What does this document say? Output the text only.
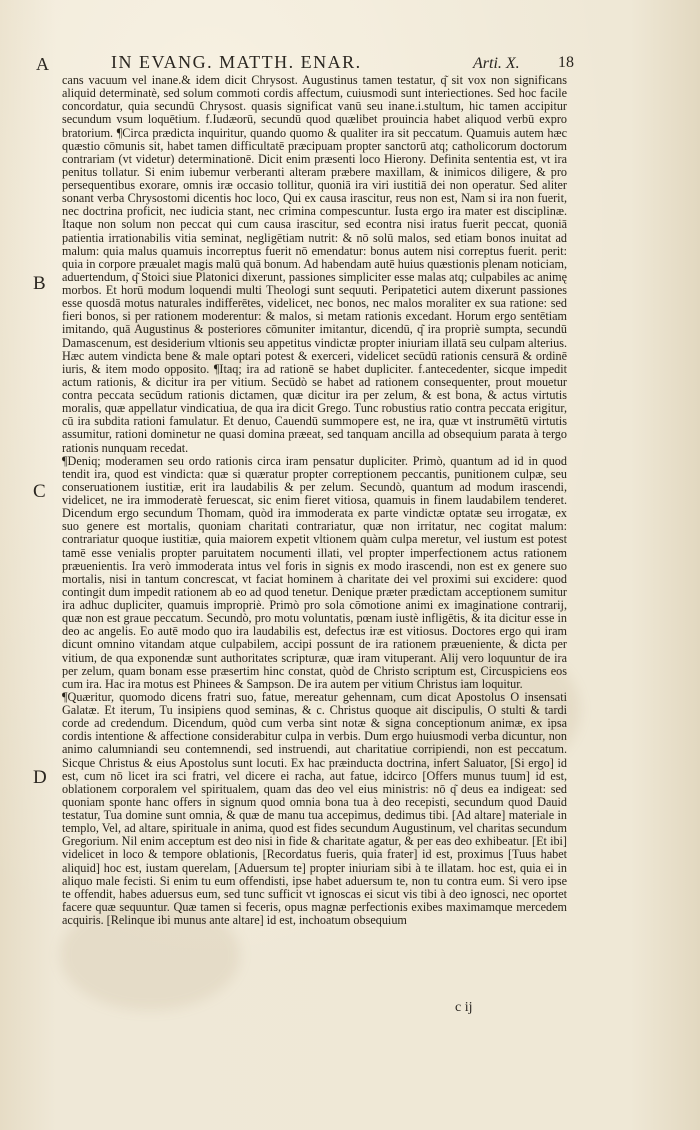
A	IN EVANG. MATTH. ENAR.	Arti. X. 18
B
C
D

cans vacuum vel inane.& idem dicit Chrysost. Augustinus tamen testatur, q͂ sit vox non significans aliquid determinatè, sed solum commoti cordis affectum, cuiusmodi sunt interiectiones. Sed hoc facile concordatur, quia secundū Chrysost. quasis significat vanū seu inane.i.stultum, hic tamen accipitur secundum vsum loquētium. f.Iudæorū, secundū quod quælibet prouincia habet aliquod verbū expro bratorium. ¶Circa prædicta inquiritur, quando quomo & qualiter ira sit peccatum. Quamuis autem hæc quæstio cōmunis sit, habet tamen difficultatē præcipuam propter sanctorū atq; catholicorum doctorum contrariam (vt videtur) determinationē. Dicit enim præsenti loco Hierony. Definita sententia est, vt ira penitus tollatur. Si enim iubemur verberanti alteram præbere maxillam, & inimicos diligere, & pro persequentibus exorare, omnis iræ occasio tollitur, quoniā ira viri iustitiā dei non operatur. Sed aliter sonant verba Chrysostomi dicentis hoc loco, Qui ex causa irascitur, reus non est, Nam si ira non fuerit, nec doctrina proficit, nec iudicia stant, nec crimina compescuntur. Iusta ergo ira mater est disciplinæ. Itaque non solum non peccat qui cum causa irascitur, sed econtra nisi iratus fuerit peccat, quoniā patientia irrationabilis vitia seminat, negligētiam nutrit: & nō solū malos, sed etiam bonos inuitat ad malum: quia malus quamuis incorreptus fuerit nō emendatur: bonus autem nisi correptus fuerit. perit: quia in corpore præualet magis malū quā bonum. Ad habendam autē huius quæstionis plenam noticiam, aduertendum, q͂ Stoici siue Platonici dixerunt, passiones simpliciter esse malas atq; culpabiles ac animę morbos. Et horū modum loquendi multi Theologi sunt sequuti. Peripatetici autem dixerunt passiones esse quosdā motus naturales indifferētes, videlicet, nec bonos, nec malos moraliter ex sua ratione: sed fieri bonos, si per rationem moderentur: & malos, si metam rationis excedant. Horum ergo sentētiam imitando, quā Augustinus & posteriores cōmuniter imitantur, dicendū, q͂ ira propriè sumpta, secundū Damascenum, est desiderium vltionis seu appetitus vindictæ propter iniuriam illatā seu culpam alterius. Hæc autem vindicta bene & male optari potest & exerceri, videlicet secūdū rationis censurā & ordinē iuris, & item modo opposito. ¶Itaq; ira ad rationē se habet dupliciter. f.antecedenter, sicque impedit actum rationis, & dicitur ira per vitium. Secūdò se habet ad rationem consequenter, prout mouetur contra peccata secūdum rationis dictamen, quæ dicitur ira per zelum, & est bona, & actus virtutis moralis, quæ appellatur vindicatiua, de qua ira dicit Grego. Tunc robustius ratio contra peccata erigitur, cū ira subdita rationi famulatur. Et denuo, Cauendū summopere est, ne ira, quæ vt instrumētū virtutis assumitur, rationi dominetur ne quasi domina præeat, sed tanquam ancilla ad obsequium parata à tergo rationis nunquam recedat.

¶Deniq; moderamen seu ordo rationis circa iram pensatur dupliciter. Primò, quantum ad id in quod tendit ira, quod est vindicta: quæ si quæratur propter correptionem peccantis, punitionem culpæ, seu conseruationem iustitiæ, erit ira laudabilis & per zelum. Secundò, quantum ad modum irascendi, videlicet, ne ira immoderatè feruescat, sic enim fieret vitiosa, quamuis in finem laudabilem tenderet. Dicendum ergo secundum Thomam, quòd ira immoderata ex parte vindictæ optatæ seu irrogatæ, ex suo genere est mortalis, quoniam charitati contrariatur, quæ non irritatur, nec cogitat malum: contrariatur quoque iustitiæ, quia maiorem expetit vltionem quàm culpa meretur, vel iustum est potest tamē esse venialis propter paruitatem nocumenti illati, vel propter imperfectionem actus rationem præuenientis. Ira verò immoderata intus vel foris in signis ex modo irascendi, non est ex genere suo mortalis, nisi in tantum concrescat, vt faciat hominem à charitate dei vel proximi sui excidere: quod contingit dum impedit rationem ab eo ad quod tenetur. Denique præter prædictam acceptionem sumitur ira adhuc dupliciter, quamuis impropriè. Primò pro sola cōmotione animi ex imaginatione contrarij, quæ non est graue peccatum. Secundò, pro motu voluntatis, pœnam iustè infligētis, & ita dicitur esse in deo ac angelis. Eo autē modo quo ira laudabilis est, defectus iræ est vitiosus. Doctores ergo qui iram dicunt omnino vitandam atque culpabilem, accipi possunt de ira rationem præueniente, & dicta per vitium, de qua exponendæ sunt authoritates scripturæ, quæ iram vituperant. Alij vero loquuntur de ira per zelum, quam bonam esse præsertim hinc constat, quòd de Christo scriptum est, Circuspiciens eos cum ira. Hac ira motus est Phinees & Sampson. De ira autem per vitium Christus iam loquitur.

¶Quæritur, quomodo dicens fratri suo, fatue, mereatur gehennam, cum dicat Apostolus O insensati Galatæ. Et iterum, Tu insipiens quod seminas, & c. Christus quoque ait discipulis, O stulti & tardi corde ad credendum. Dicendum, quòd cum verba sint notæ & signa conceptionum animæ, ex ipsa cordis intentione & affectione considerabitur culpa in verbis. Dum ergo huiusmodi verba dicuntur, non animo calumniandi seu contemnendi, sed instruendi, aut charitatiue corripiendi, non est peccatum. Sicque Christus & eius Apostolus sunt locuti. Ex hac præinducta doctrina, infert Saluator, [Si ergo] id est, cum nō licet ira sci fratri, vel dicere ei racha, aut fatue, idcirco [Offers munus tuum] id est, oblationem corporalem vel spiritualem, quam das deo vel eius ministris: nō q͂ deus ea indigeat: sed quoniam sponte hanc offers in signum quod omnia bona tua à deo recepisti, secundum quod Dauid testatur, Tua domine sunt omnia, & quæ de manu tua accepimus, dedimus tibi. [Ad altare] materiale in templo, Vel, ad altare, spirituale in anima, quod est fides secundum Augustinum, vel charitas secundum Gregorium. Nil enim acceptum est deo nisi in fide & charitate agatur, & per eas deo exhibeatur. [Et ibi] videlicet in loco & tempore oblationis, [Recordatus fueris, quia frater] id est, proximus [Tuus habet aliquid] hoc est, iustam querelam, [Aduersum te] propter iniuriam sibi à te illatam. hoc est, quia ei in aliquo male fecisti. Si enim tu eum offendisti, ipse habet aduersum te, non tu contra eum. Si vero ipse te offendit, habes aduersus eum, sed tunc sufficit vt ignoscas ei sicut vis tibi à deo ignosci, nec oportet facere quæ sequuntur. Quæ tamen si feceris, opus magnæ perfectionis exibes maximamque mercedem acquiris. [Relinque ibi munus ante altare] id est, inchoatum obsequium

c ij
